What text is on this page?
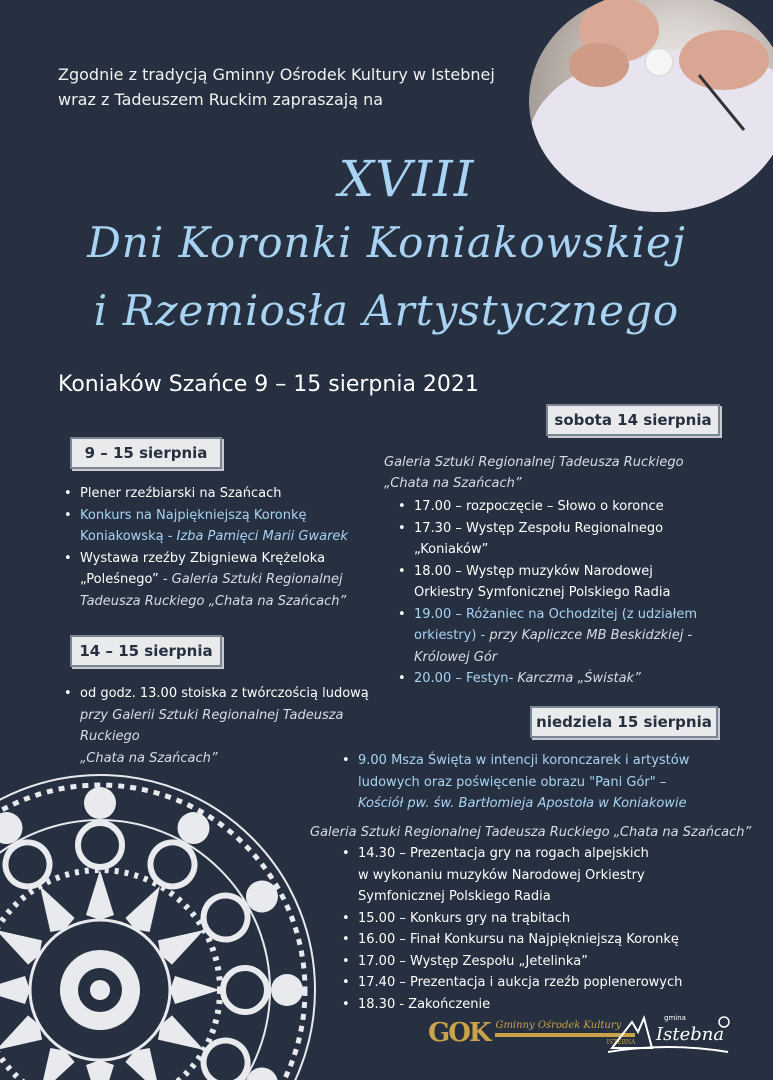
Zgodnie z tradycją Gminny Ośrodek Kultury w Istebnej
wraz z Tadeuszem Ruckim zapraszają na
XVIII
Dni Koronki Koniakowskiej
i Rzemiosła Artystycznego
Koniaków Szańce 9 – 15 sierpnia 2021
9 – 15 sierpnia
• Plener rzeźbiarski na Szańcach
• Konkurs na Najpiękniejszą Koronkę
Koniakowską - Izba Pamięci Marii Gwarek
• Wystawa rzeźby Zbigniewa Krężeloka
„Poleśnego” - Galeria Sztuki Regionalnej
Tadeusza Ruckiego „Chata na Szańcach”
14 – 15 sierpnia
• od godz. 13.00 stoiska z twórczością ludową
przy Galerii Sztuki Regionalnej Tadeusza Ruckiego
„Chata na Szańcach”
sobota 14 sierpnia
Galeria Sztuki Regionalnej Tadeusza Ruckiego
„Chata na Szańcach”
• 17.00 – rozpoczęcie – Słowo o koronce
• 17.30 – Występ Zespołu Regionalnego
„Koniaków”
• 18.00 – Występ muzyków Narodowej
Orkiestry Symfonicznej Polskiego Radia
• 19.00 – Różaniec na Ochodzitej (z udziałem
orkiestry) - przy Kapliczce MB Beskidzkiej -
Królowej Gór
• 20.00 – Festyn- Karczma „Świstak”
niedziela 15 sierpnia
• 9.00 Msza Święta w intencji koronczarek i artystów
ludowych oraz poświęcenie obrazu "Pani Gór" –
Kościół pw. św. Bartłomieja Apostoła w Koniakowie
Galeria Sztuki Regionalnej Tadeusza Ruckiego „Chata na Szańcach”
• 14.30 – Prezentacja gry na rogach alpejskich
w wykonaniu muzyków Narodowej Orkiestry
Symfonicznej Polskiego Radia
• 15.00 – Konkurs gry na trąbitach
• 16.00 – Finał Konkursu na Najpiękniejszą Koronkę
• 17.00 – Występ Zespołu „Jetelinka”
• 17.40 – Prezentacja i aukcja rzeźb poplenerowych
• 18.30 - Zakończenie
GOK Gminny Ośrodek Kultury
ISTEBNA
gmina
Istebna
